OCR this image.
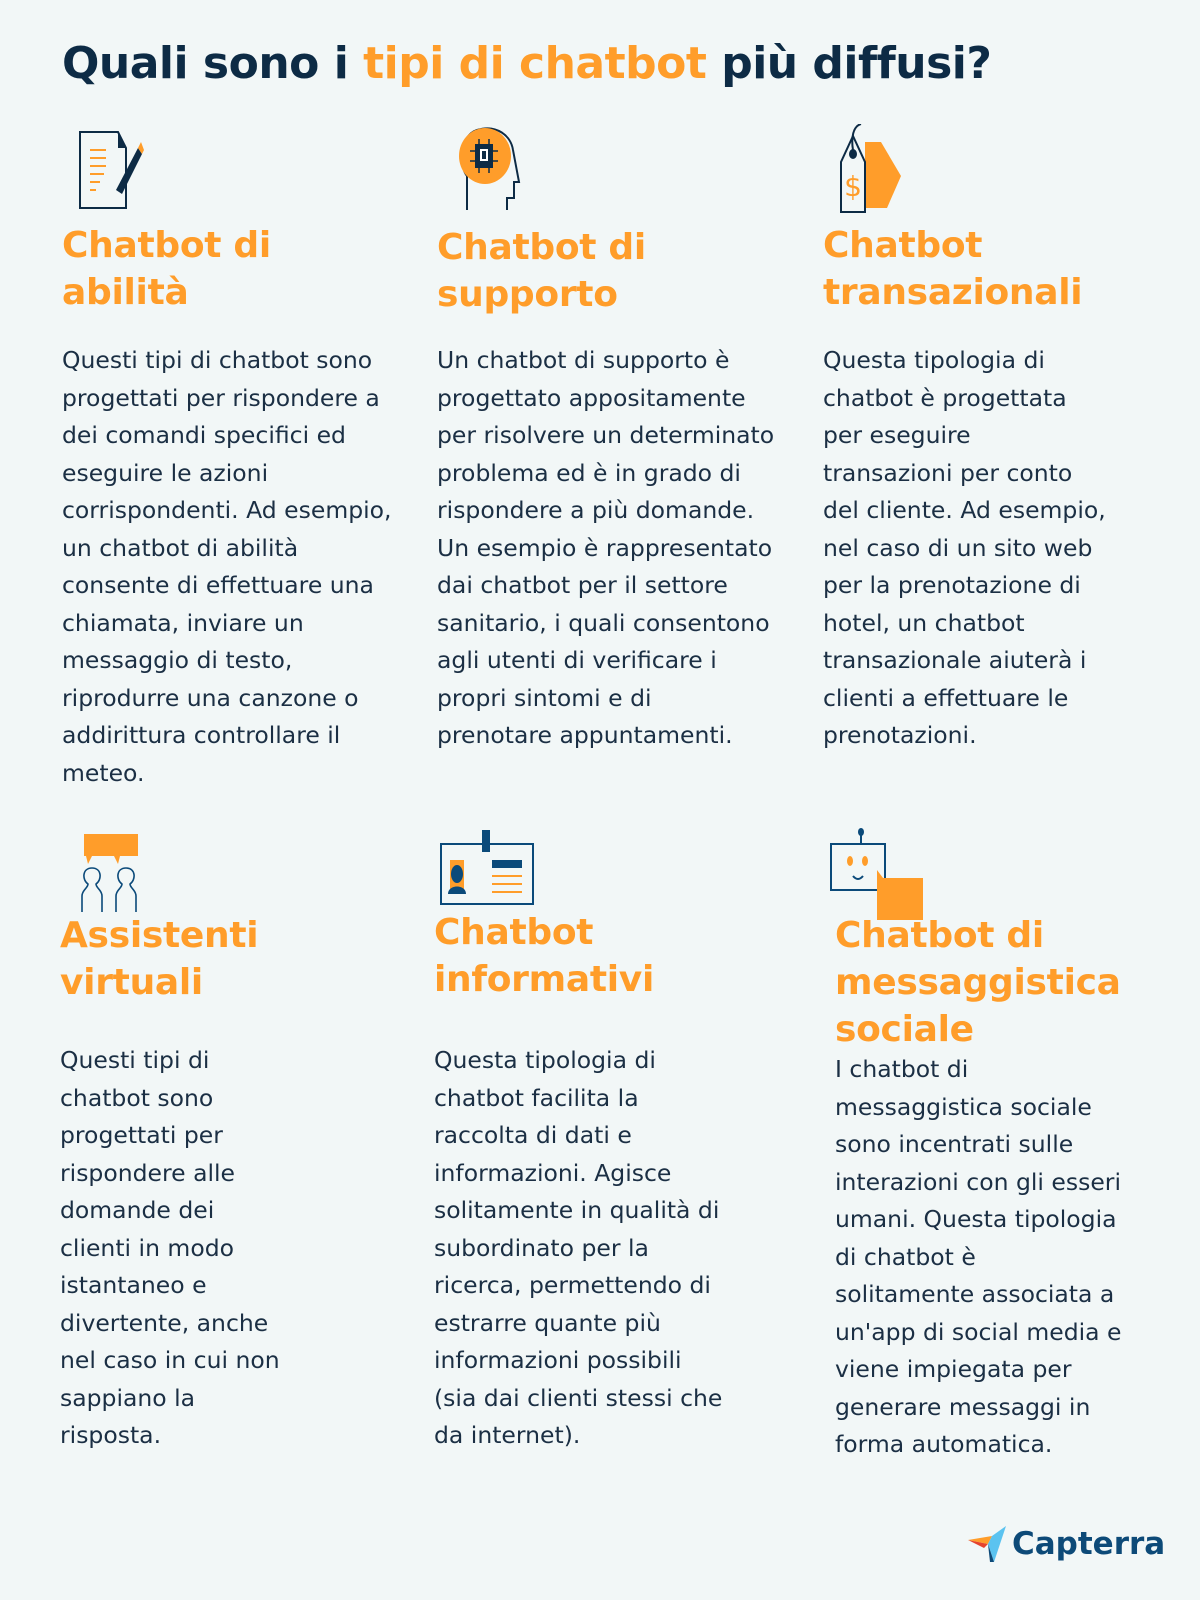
Quali sono i tipi di chatbot più diffusi?
Chatbot di
abilità
Questi tipi di chatbot sono
progettati per rispondere a
dei comandi specifici ed
eseguire le azioni
corrispondenti. Ad esempio,
un chatbot di abilità
consente di effettuare una
chiamata, inviare un
messaggio di testo,
riprodurre una canzone o
addirittura controllare il
meteo.
Chatbot di
supporto
Un chatbot di supporto è
progettato appositamente
per risolvere un determinato
problema ed è in grado di
rispondere a più domande.
Un esempio è rappresentato
dai chatbot per il settore
sanitario, i quali consentono
agli utenti di verificare i
propri sintomi e di
prenotare appuntamenti.
$
Chatbot
transazionali
Questa tipologia di
chatbot è progettata
per eseguire
transazioni per conto
del cliente. Ad esempio,
nel caso di un sito web
per la prenotazione di
hotel, un chatbot
transazionale aiuterà i
clienti a effettuare le
prenotazioni.
Assistenti
virtuali
Questi tipi di
chatbot sono
progettati per
rispondere alle
domande dei
clienti in modo
istantaneo e
divertente, anche
nel caso in cui non
sappiano la
risposta.
Chatbot
informativi
Questa tipologia di
chatbot facilita la
raccolta di dati e
informazioni. Agisce
solitamente in qualità di
subordinato per la
ricerca, permettendo di
estrarre quante più
informazioni possibili
(sia dai clienti stessi che
da internet).
Chatbot di
messaggistica
sociale
I chatbot di
messaggistica sociale
sono incentrati sulle
interazioni con gli esseri
umani. Questa tipologia
di chatbot è
solitamente associata a
un'app di social media e
viene impiegata per
generare messaggi in
forma automatica.
Capterra
